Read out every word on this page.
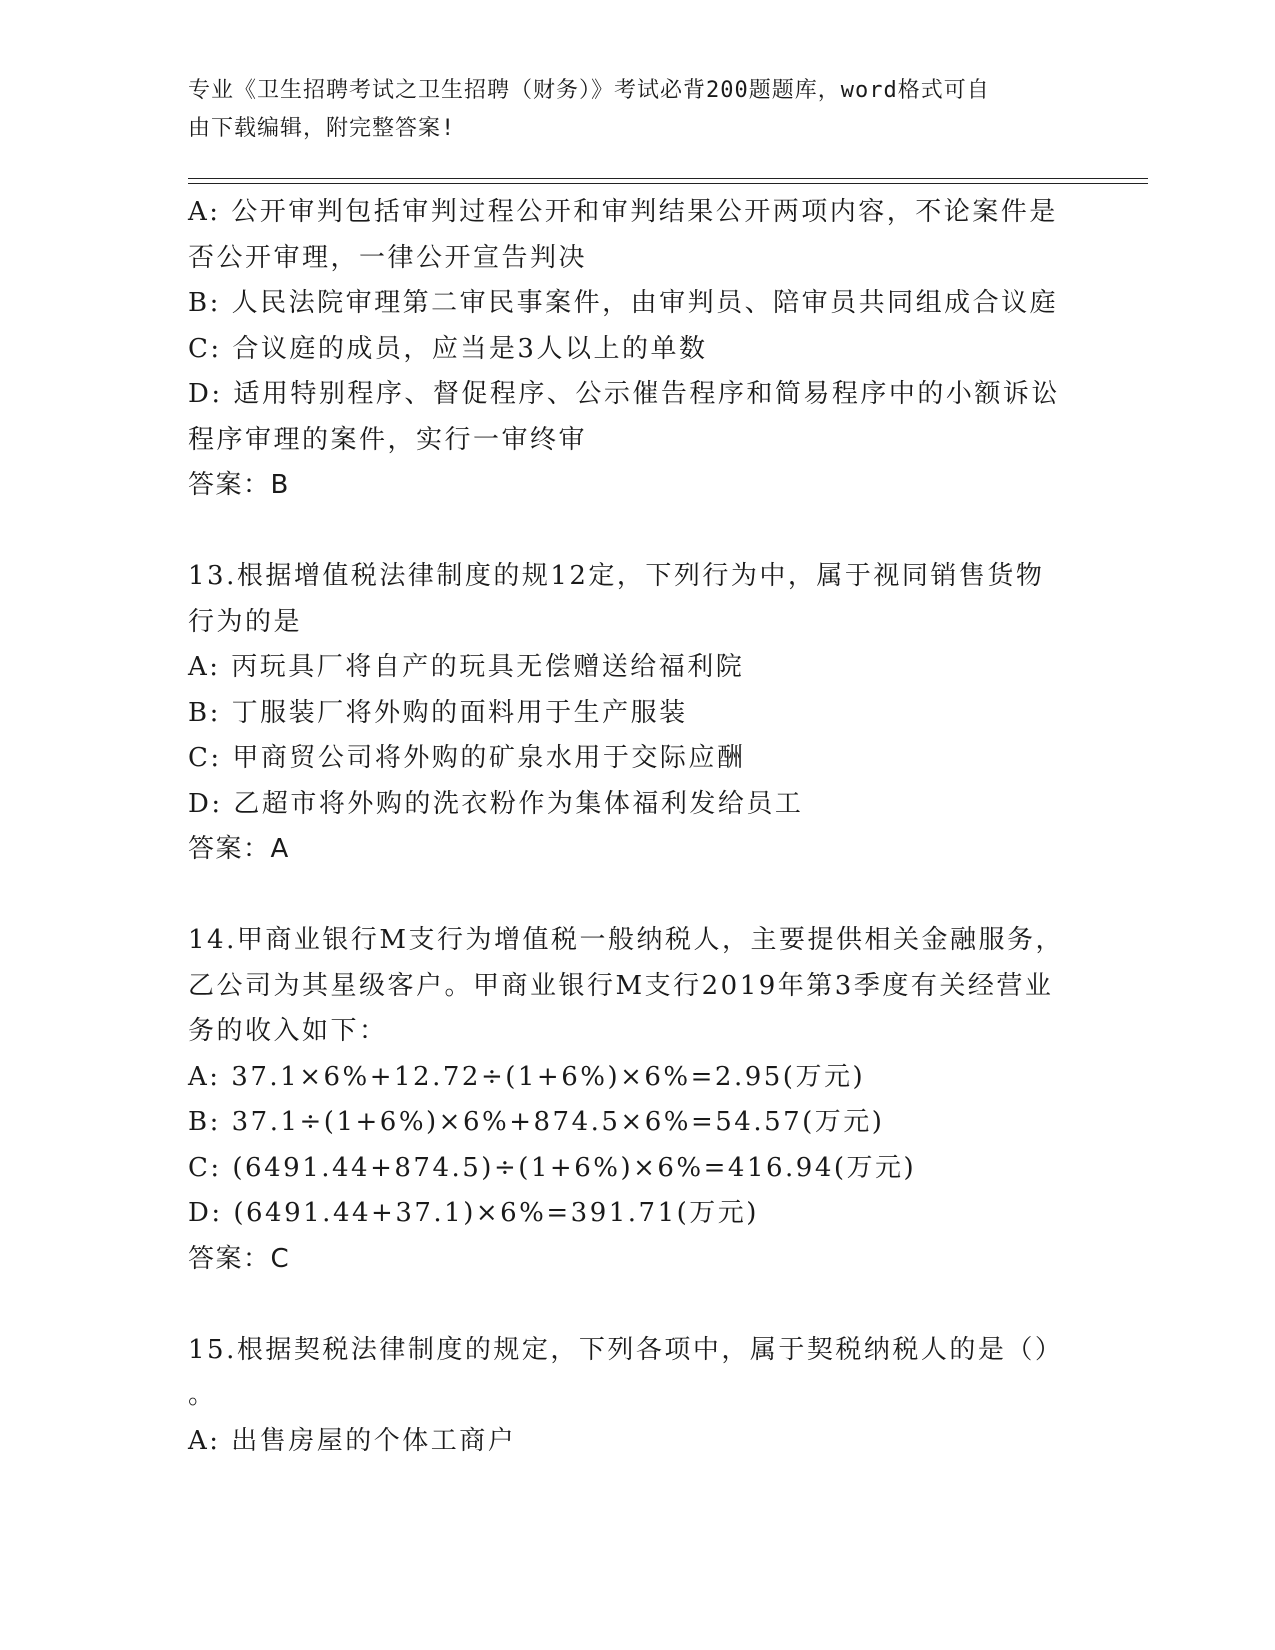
专业《卫生招聘考试之卫生招聘（财务）》考试必背200题题库，word格式可自
由下载编辑，附完整答案!
A: 公开审判包括审判过程公开和审判结果公开两项内容，不论案件是
否公开审理，一律公开宣告判决
B: 人民法院审理第二审民事案件，由审判员、陪审员共同组成合议庭
C: 合议庭的成员，应当是3人以上的单数
D: 适用特别程序、督促程序、公示催告程序和简易程序中的小额诉讼
程序审理的案件，实行一审终审
答案：B
13.根据增值税法律制度的规12定，下列行为中，属于视同销售货物
行为的是
A: 丙玩具厂将自产的玩具无偿赠送给福利院
B: 丁服装厂将外购的面料用于生产服装
C: 甲商贸公司将外购的矿泉水用于交际应酬
D: 乙超市将外购的洗衣粉作为集体福利发给员工
答案：A
14.甲商业银行M支行为增值税一般纳税人，主要提供相关金融服务，
乙公司为其星级客户。甲商业银行M支行2019年第3季度有关经营业
务的收入如下：
A: 37.1×6%+12.72÷(1+6%)×6%=2.95(万元)
B: 37.1÷(1+6%)×6%+874.5×6%=54.57(万元)
C: (6491.44+874.5)÷(1+6%)×6%=416.94(万元)
D: (6491.44+37.1)×6%=391.71(万元)
答案：C
15.根据契税法律制度的规定，下列各项中，属于契税纳税人的是（）
。
A: 出售房屋的个体工商户
